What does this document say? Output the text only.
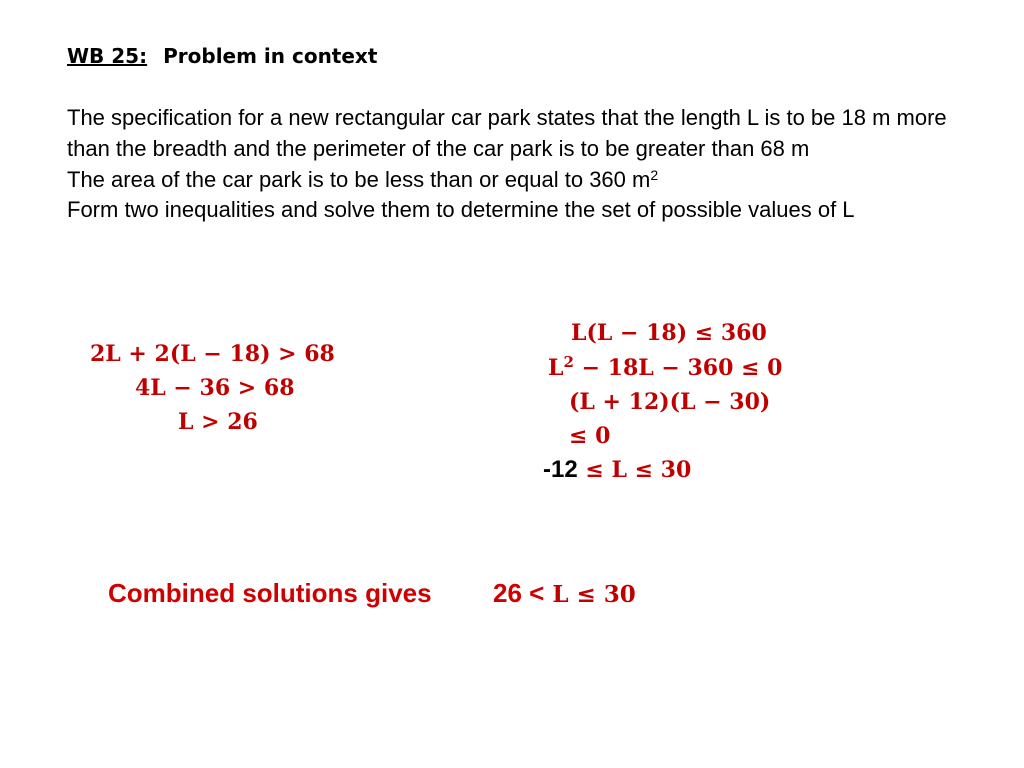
WB 25: Problem in context

The specification for a new rectangular car park states that the length L is to be 18 m more than the breadth and the perimeter of the car park is to be greater than 68 m

The area of the car park is to be less than or equal to 360 $m^2$

Form two inequalities and solve them to determine the set of possible values of L

2L + 2(L − 18) > 68
4L − 36 > 68
L > 26
L(L − 18) ≤ 360
$L^2 - 18L - 360 \le 0$
(L + 12)(L − 30)
≤ 0
-12 ≤ L ≤ 30
Combined solutions gives 26 < L ≤ 30
